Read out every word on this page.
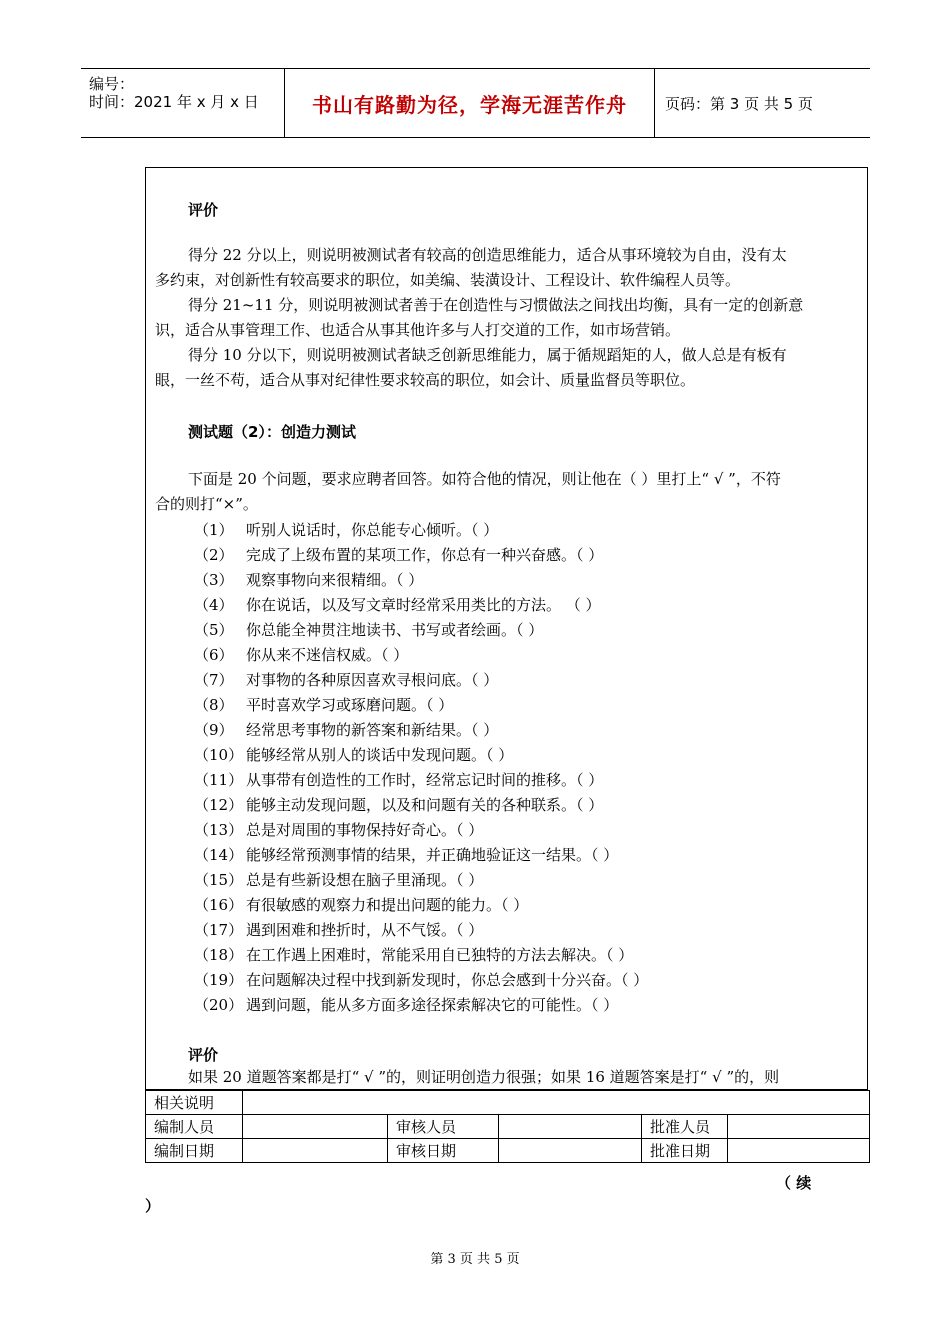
编号：
时间：2021 年 x 月 x 日	书山有路勤为径，学海无涯苦作舟	页码：第 3 页 共 5 页
评价
得分 22 分以上，则说明被测试者有较高的创造思维能力，适合从事环境较为自由，没有太
多约束，对创新性有较高要求的职位，如美编、装潢设计、工程设计、软件编程人员等。
得分 21~11 分，则说明被测试者善于在创造性与习惯做法之间找出均衡，具有一定的创新意
识，适合从事管理工作、也适合从事其他许多与人打交道的工作，如市场营销。
得分 10 分以下，则说明被测试者缺乏创新思维能力，属于循规蹈矩的人，做人总是有板有
眼，一丝不苟，适合从事对纪律性要求较高的职位，如会计、质量监督员等职位。
测试题（2）：创造力测试
下面是 20 个问题，要求应聘者回答。如符合他的情况，则让他在（ ）里打上“ √ ”，不符
合的则打“×”。
（1） 听别人说话时，你总能专心倾听。（ ）
（2） 完成了上级布置的某项工作，你总有一种兴奋感。（ ）
（3） 观察事物向来很精细。（ ）
（4） 你在说话，以及写文章时经常采用类比的方法。 （ ）
（5） 你总能全神贯注地读书、书写或者绘画。（ ）
（6） 你从来不迷信权威。（ ）
（7） 对事物的各种原因喜欢寻根问底。（ ）
（8） 平时喜欢学习或琢磨问题。（ ）
（9） 经常思考事物的新答案和新结果。（ ）
（10） 能够经常从别人的谈话中发现问题。（ ）
（11） 从事带有创造性的工作时，经常忘记时间的推移。（ ）
（12） 能够主动发现问题，以及和问题有关的各种联系。（ ）
（13） 总是对周围的事物保持好奇心。（ ）
（14） 能够经常预测事情的结果，并正确地验证这一结果。（ ）
（15） 总是有些新设想在脑子里涌现。（ ）
（16） 有很敏感的观察力和提出问题的能力。（ ）
（17） 遇到困难和挫折时，从不气馁。（ ）
（18） 在工作遇上困难时，常能采用自已独特的方法去解决。（ ）
（19） 在问题解决过程中找到新发现时，你总会感到十分兴奋。（ ）
（20） 遇到问题，能从多方面多途径探索解决它的可能性。（ ）
评价
如果 20 道题答案都是打“ √ ”的，则证明创造力很强；如果 16 道题答案是打“ √ ”的，则
相关说明					
编制人员		审核人员		批准人员	
编制日期		审核日期		批准日期	
（ 续
）
第 3 页 共 5 页
